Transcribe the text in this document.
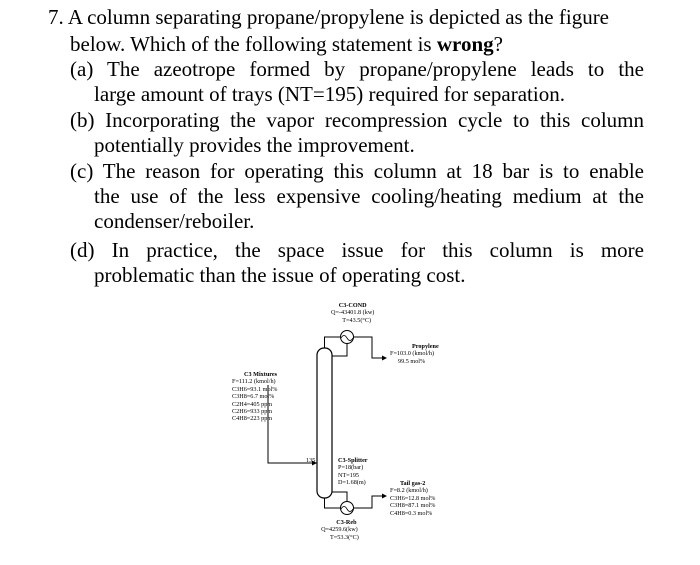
7. A column separating propane/propylene is depicted as the figure
below. Which of the following statement is wrong?
(a) The azeotrope formed by propane/propylene leads to the
large amount of trays (NT=195) required for separation.
(b) Incorporating the vapor recompression cycle to this column
potentially provides the improvement.
(c) The reason for operating this column at 18 bar is to enable
the use of the less expensive cooling/heating medium at the
condenser/reboiler.
(d) In practice, the space issue for this column is more
problematic than the issue of operating cost.
C3-COND
Q=-43401.8 (kw)
T=43.5(°C)
Propylene
F=103.0 (kmol/h)
99.5 mol%
C3 Mixtures
F=111.2 (kmol/h)
C3H6=93.1 mol%
C3H8=6.7 mol%
C2H4=405 ppm
C2H6=933 ppm
C4H8=223 ppm
135	C3-Splitter
P=18(bar)
NT=195
D=1.68(m)	Tail gas-2
F=8.2 (kmol/h)
C3H6=12.8 mol%
C3H8=87.1 mol%
C4H8=0.3 mol%
C3-Reb
Q=4259.6(kw)
T=53.3(°C)
